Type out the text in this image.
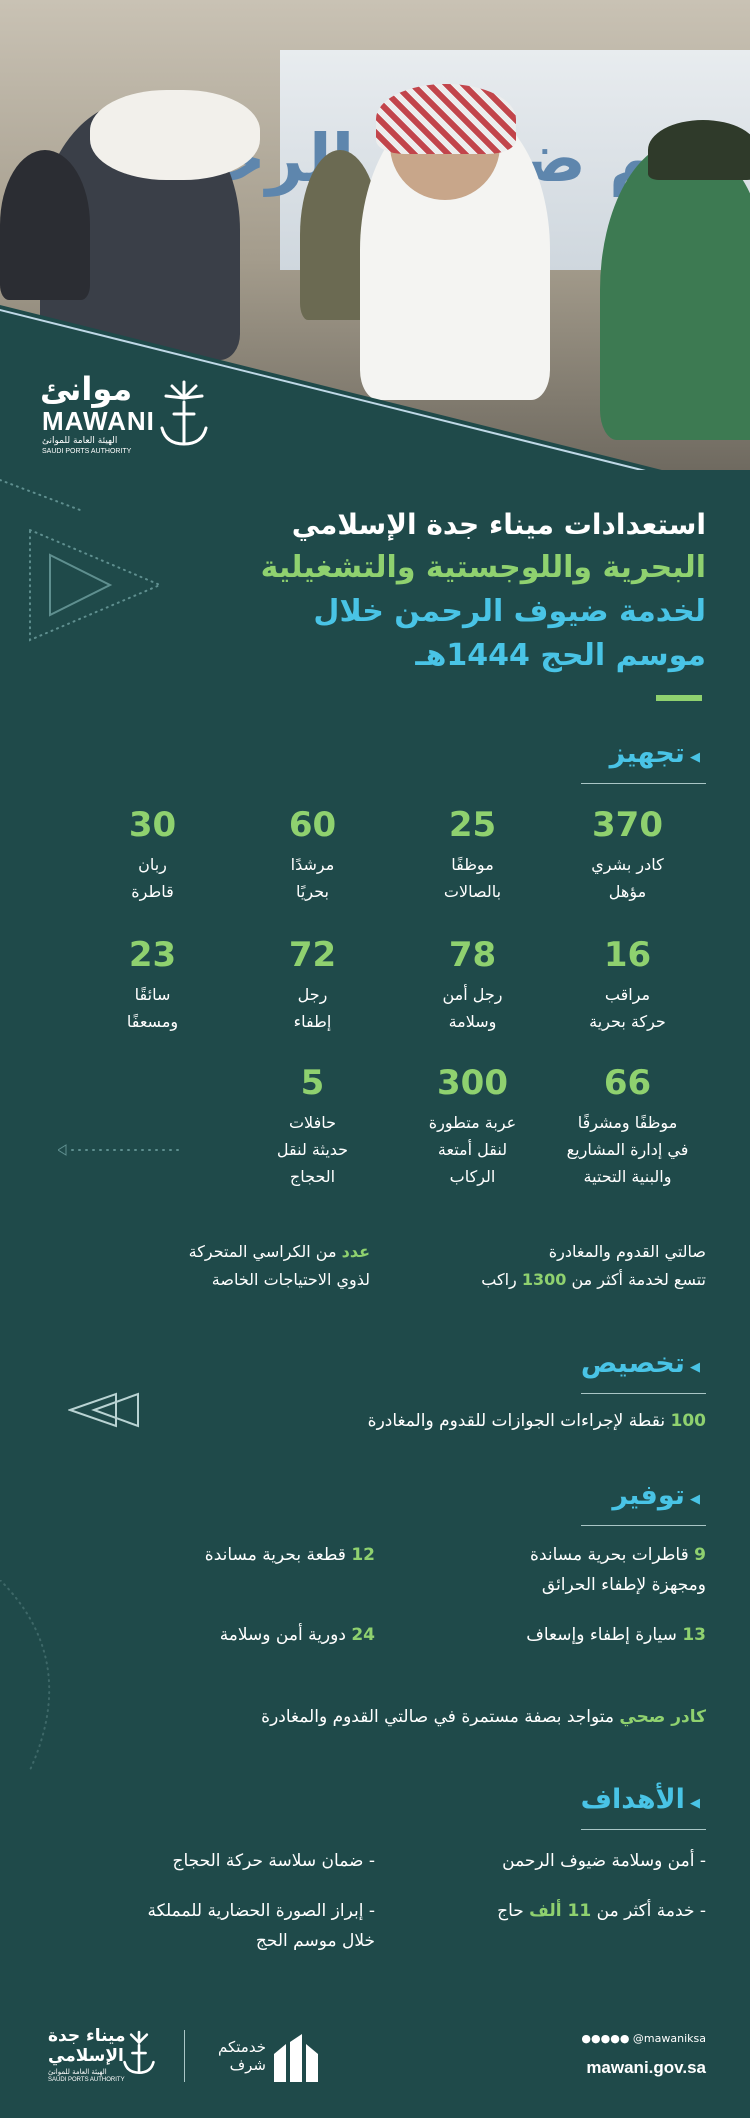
موانئ
MAWANI
الهيئة العامة للموانئ
SAUDI PORTS AUTHORITY
استعدادات ميناء جدة الإسلامي
البحرية واللوجستية والتشغيلية
لخدمة ضيوف الرحمن خلال
موسم الحج 1444هـ
◀ تجهيز
370
كادر بشري
مؤهل
25
موظفًا
بالصالات
60
مرشدًا
بحريًا
30
ربان
قاطرة
16
مراقب
حركة بحرية
78
رجل أمن
وسلامة
72
رجل
إطفاء
23
سائقًا
ومسعفًا
66
موظفًا ومشرفًا
في إدارة المشاريع
والبنية التحتية
300
عربة متطورة
لنقل أمتعة
الركاب
5
حافلات
حديثة لنقل
الحجاج
صالتي القدوم والمغادرة
تتسع لخدمة أكثر من 1300 راكب
عدد من الكراسي المتحركة
لذوي الاحتياجات الخاصة
◀ تخصيص
100 نقطة لإجراءات الجوازات للقدوم والمغادرة
◀ توفير
9 قاطرات بحرية مساندة
ومجهزة لإطفاء الحرائق
12 قطعة بحرية مساندة
13 سيارة إطفاء وإسعاف
24 دورية أمن وسلامة
كادر صحي متواجد بصفة مستمرة في صالتي القدوم والمغادرة
◀ الأهداف
- أمن وسلامة ضيوف الرحمن
- ضمان سلاسة حركة الحجاج
- خدمة أكثر من 11 ألف حاج
- إبراز الصورة الحضارية للمملكة
خلال موسم الحج
ميناء جدة
الإسلامي
الهيئة العامة للموانئ
SAUDI PORTS AUTHORITY
خدمتكم شرف
●●●●● @mawaniksa
mawani.gov.sa
